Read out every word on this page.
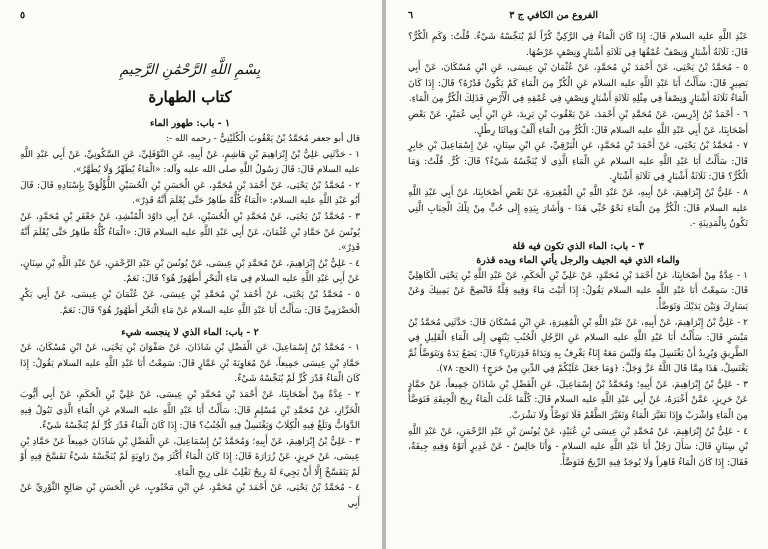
٥
بِسْمِ اللَّهِ الرَّحْمَٰنِ الرَّحِيمِ
كتاب الطهارة
١ - باب: طهور الماء

قال أبو جعفر مُحَمَّدُ بْنُ يَعْقُوبَ الْكُلَيْنِيُّ - رحمه الله -:

١ - حَدَّثَنِي عَلِيُّ بْنُ إِبْرَاهِيمَ بْنِ هَاشِمٍ، عَنْ أَبِيهِ، عَنِ النَّوْفَلِيِّ، عَنِ السَّكُونِيِّ، عَنْ أَبِي عَبْدِ اللَّهِ عليه السلام قَالَ: قَالَ رَسُولُ اللَّهِ صلى الله عليه وآله: «الْمَاءُ يُطَهِّرُ وَلَا يُطَهَّرُ».

٢ - مُحَمَّدُ بْنُ يَحْيَى، عَنْ أَحْمَدَ بْنِ مُحَمَّدٍ، عَنِ الْحَسَنِ بْنِ الْحُسَيْنِ اللُّؤْلُؤِيِّ بِإِسْنَادِهِ قَالَ: قَالَ أَبُو عَبْدِ اللَّهِ عليه السلام: «الْمَاءُ كُلُّهُ طَاهِرٌ حَتَّى يُعْلَمَ أَنَّهُ قَذِرٌ».

٣ - مُحَمَّدُ بْنُ يَحْيَى، عَنْ مُحَمَّدِ بْنِ الْحُسَيْنِ، عَنْ أَبِي دَاوُدَ الْمُنْشِدِ، عَنْ جَعْفَرِ بْنِ مُحَمَّدٍ، عَنْ يُونُسَ عَنْ حَمَّادِ بْنِ عُثْمَانَ، عَنْ أَبِي عَبْدِ اللَّهِ عليه السلام قَالَ: «الْمَاءُ كُلُّهُ طَاهِرٌ حَتَّى يُعْلَمَ أَنَّهُ قَذِرٌ».

٤ - عَلِيُّ بْنُ إِبْرَاهِيمَ، عَنْ مُحَمَّدِ بْنِ عِيسَى، عَنْ يُونُسَ بْنِ عَبْدِ الرَّحْمَنِ، عَنْ عَبْدِ اللَّهِ بْنِ سِنَانٍ، عَنْ أَبِي عَبْدِ اللَّهِ عليه السلام فِي مَاءِ الْبَحْرِ أَطَهُورٌ هُوَ؟ قَالَ: نَعَمْ.

٥ - مُحَمَّدُ بْنُ يَحْيَى، عَنْ أَحْمَدَ بْنِ مُحَمَّدِ بْنِ عِيسَى، عَنْ عُثْمَانَ بْنِ عِيسَى، عَنْ أَبِي بَكْرٍ الْحَضْرَمِيِّ قَالَ: سَأَلْتُ أَبَا عَبْدِ اللَّهِ عليه السلام عَنْ مَاءِ الْبَحْرِ أَطَهُورٌ هُوَ؟ قَالَ: نَعَمْ.

٢ - باب: الماء الذي لا ينجسه شيء

١ - مُحَمَّدُ بْنُ إِسْمَاعِيلَ، عَنِ الْفَضْلِ بْنِ شَاذَانَ، عَنْ صَفْوَانَ بْنِ يَحْيَى، عَنْ ابْنِ مُسْكَانَ، عَنْ حَمَّادِ بْنِ عِيسَى جَمِيعاً، عَنْ مُعَاوِيَةَ بْنِ عَمَّارٍ قَالَ: سَمِعْتُ أَبَا عَبْدِ اللَّهِ عليه السلام يَقُولُ: إِذَا كَانَ الْمَاءُ قَدْرَ كُرٍّ لَمْ يُنَجِّسْهُ شَيْءٌ.

٢ - عِدَّةٌ مِنْ أَصْحَابِنَا، عَنْ أَحْمَدَ بْنِ مُحَمَّدِ بْنِ عِيسَى، عَنْ عَلِيِّ بْنِ الْحَكَمِ، عَنْ أَبِي أَيُّوبَ الْخَزَّازِ، عَنْ مُحَمَّدِ بْنِ مُسْلِمٍ قَالَ: سَأَلْتُ أَبَا عَبْدِ اللَّهِ عليه السلام عَنِ الْمَاءِ الَّذِي تَبُولُ فِيهِ الدَّوَابُّ وَتَلَغُ فِيهِ الْكِلَابُ وَيَغْتَسِلُ فِيهِ الْجُنُبُ؟ قَالَ: إِذَا كَانَ الْمَاءُ قَدْرَ كُرٍّ لَمْ يُنَجِّسْهُ شَيْءٌ.

٣ - عَلِيُّ بْنُ إِبْرَاهِيمَ، عَنْ أَبِيهِ؛ وَمُحَمَّدُ بْنُ إِسْمَاعِيلَ، عَنِ الْفَضْلِ بْنِ شَاذَانَ جَمِيعاً عَنْ حَمَّادِ بْنِ عِيسَى، عَنْ حَرِيزٍ، عَنْ زُرَارَةَ قَالَ: إِذَا كَانَ الْمَاءُ أَكْثَرَ مِنْ رَاوِيَةٍ لَمْ يُنَجِّسْهُ شَيْءٌ تَفَسَّخَ فِيهِ أَوْ لَمْ يَتَفَسَّخْ إِلَّا أَنْ يَجِيءَ لَهُ رِيحٌ تَغْلِبُ عَلَى رِيحِ الْمَاءِ.

٤ - مُحَمَّدُ بْنُ يَحْيَى، عَنْ أَحْمَدَ بْنِ مُحَمَّدٍ، عَنِ ابْنِ مَحْبُوبٍ، عَنِ الْحَسَنِ بْنِ صَالِحٍ الثَّوْرِيِّ عَنْ أَبِي

الفروع من الكافي ج ٣
٦

عَبْدِ اللَّهِ عليه السلام قَالَ: إِذَا كَانَ الْمَاءُ فِي الرَّكِيِّ كُرّاً لَمْ يُنَجِّسْهُ شَيْءٌ. قُلْتُ: وَكَمِ الْكُرُّ؟ قَالَ: ثَلَاثَةُ أَشْبَارٍ وَنِصْفٌ عُمْقُهَا فِي ثَلَاثَةِ أَشْبَارٍ وَنِصْفٍ عَرْضُهَا.

٥ - مُحَمَّدُ بْنُ يَحْيَى، عَنْ أَحْمَدَ بْنِ مُحَمَّدٍ، عَنْ عُثْمَانَ بْنِ عِيسَى، عَنِ ابْنِ مُسْكَانَ، عَنْ أَبِي بَصِيرٍ قَالَ: سَأَلْتُ أَبَا عَبْدِ اللَّهِ عليه السلام عَنِ الْكُرِّ مِنَ الْمَاءِ كَمْ يَكُونُ قَدْرُهُ؟ قَالَ: إِذَا كَانَ الْمَاءُ ثَلَاثَةَ أَشْبَارٍ وَنِصْفاً فِي مِثْلِهِ ثَلَاثَةِ أَشْبَارٍ وَنِصْفٍ فِي عُمْقِهِ فِي الْأَرْضِ فَذَلِكَ الْكُرُّ مِنَ الْمَاءِ.

٦ - أَحْمَدُ بْنُ إِدْرِيسَ، عَنْ مُحَمَّدِ بْنِ أَحْمَدَ، عَنْ يَعْقُوبَ بْنِ يَزِيدَ، عَنِ ابْنِ أَبِي عُمَيْرٍ، عَنْ بَعْضِ أَصْحَابِنَا، عَنْ أَبِي عَبْدِ اللَّهِ عليه السلام قَالَ: الْكُرُّ مِنَ الْمَاءِ أَلْفٌ وَمِائَتَا رِطْلٍ.

٧ - مُحَمَّدُ بْنُ يَحْيَى، عَنْ أَحْمَدَ بْنِ مُحَمَّدٍ، عَنِ الْبَرْقِيِّ، عَنِ ابْنِ سِنَانٍ، عَنْ إِسْمَاعِيلَ بْنِ جَابِرٍ قَالَ: سَأَلْتُ أَبَا عَبْدِ اللَّهِ عليه السلام عَنِ الْمَاءِ الَّذِي لَا يُنَجِّسُهُ شَيْءٌ؟ قَالَ: كُرٌّ. قُلْتُ: وَمَا الْكُرُّ؟ قَالَ: ثَلَاثَةُ أَشْبَارٍ فِي ثَلَاثَةِ أَشْبَارٍ.

٨ - عَلِيُّ بْنُ إِبْرَاهِيمَ، عَنْ أَبِيهِ، عَنْ عَبْدِ اللَّهِ بْنِ الْمُغِيرَةِ، عَنْ بَعْضِ أَصْحَابِنَا، عَنْ أَبِي عَبْدِ اللَّهِ عليه السلام قَالَ: الْكُرُّ مِنَ الْمَاءِ نَحْوُ حُبِّي هَذَا - وَأَشَارَ بِيَدِهِ إِلَى حُبٍّ مِنْ تِلْكَ الْحِبَابِ الَّتِي تَكُونُ بِالْمَدِينَةِ -.

٣ - باب: الماء الذي تكون فيه قلة
والماء الذي فيه الجيف والرجل يأتي الماء ويده قذرة

١ - عِدَّةٌ مِنْ أَصْحَابِنَا، عَنْ أَحْمَدَ بْنِ مُحَمَّدٍ، عَنْ عَلِيِّ بْنِ الْحَكَمِ، عَنْ عَبْدِ اللَّهِ بْنِ يَحْيَى الْكَاهِلِيِّ قَالَ: سَمِعْتُ أَبَا عَبْدِ اللَّهِ عليه السلام يَقُولُ: إِذَا أَتَيْتَ مَاءً وَفِيهِ قِلَّةٌ فَانْضِحْ عَنْ يَمِينِكَ وَعَنْ يَسَارِكَ وَبَيْنَ يَدَيْكَ وَتَوَضَّأْ.

٢ - عَلِيُّ بْنُ إِبْرَاهِيمَ، عَنْ أَبِيهِ، عَنْ عَبْدِ اللَّهِ بْنِ الْمُغِيرَةِ، عَنِ ابْنِ مُسْكَانَ قَالَ: حَدَّثَنِي مُحَمَّدُ بْنُ مَيْسَرٍ قَالَ: سَأَلْتُ أَبَا عَبْدِ اللَّهِ عليه السلام عَنِ الرَّجُلِ الْجُنُبِ يَنْتَهِي إِلَى الْمَاءِ الْقَلِيلِ فِي الطَّرِيقِ وَيُرِيدُ أَنْ يَغْتَسِلَ مِنْهُ وَلَيْسَ مَعَهُ إِنَاءٌ يَغْرِفُ بِهِ وَيَدَاهُ قَذِرَتَانِ؟ قَالَ: يَضَعُ يَدَهُ وَيَتَوَضَّأُ ثُمَّ يَغْتَسِلُ، هَذَا مِمَّا قَالَ اللَّهُ عَزَّ وَجَلَّ: ﴿وَمَا جَعَلَ عَلَيْكُمْ فِي الدِّينِ مِنْ حَرَجٍ﴾ (الحج: ٧٨).

٣ - عَلِيُّ بْنُ إِبْرَاهِيمَ، عَنْ أَبِيهِ؛ وَمُحَمَّدُ بْنُ إِسْمَاعِيلَ، عَنِ الْفَضْلِ بْنِ شَاذَانَ جَمِيعاً، عَنْ حَمَّادٍ عَنْ حَرِيزٍ، عَمَّنْ أَخْبَرَهُ، عَنْ أَبِي عَبْدِ اللَّهِ عليه السلام قَالَ: كُلَّمَا غَلَبَ الْمَاءُ رِيحَ الْجِيفَةِ فَتَوَضَّأْ مِنَ الْمَاءِ وَاشْرَبْ وَإِذَا تَغَيَّرَ الْمَاءُ وَتَغَيَّرَ الطَّعْمُ فَلَا تَوَضَّأْ وَلَا تَشْرَبْ.

٤ - عَلِيُّ بْنُ إِبْرَاهِيمَ، عَنْ مُحَمَّدِ بْنِ عِيسَى بْنِ عُبَيْدٍ، عَنْ يُونُسَ بْنِ عَبْدِ الرَّحْمَنِ، عَنْ عَبْدِ اللَّهِ بْنِ سِنَانٍ قَالَ: سَأَلَ رَجُلٌ أَبَا عَبْدِ اللَّهِ عليه السلام - وَأَنَا جَالِسٌ - عَنْ غَدِيرٍ أَتَوْهُ وَفِيهِ جِيفَةٌ، فَقَالَ: إِذَا كَانَ الْمَاءُ قَاهِراً وَلَا يُوجَدُ فِيهِ الرِّيحُ فَتَوَضَّأْ.
